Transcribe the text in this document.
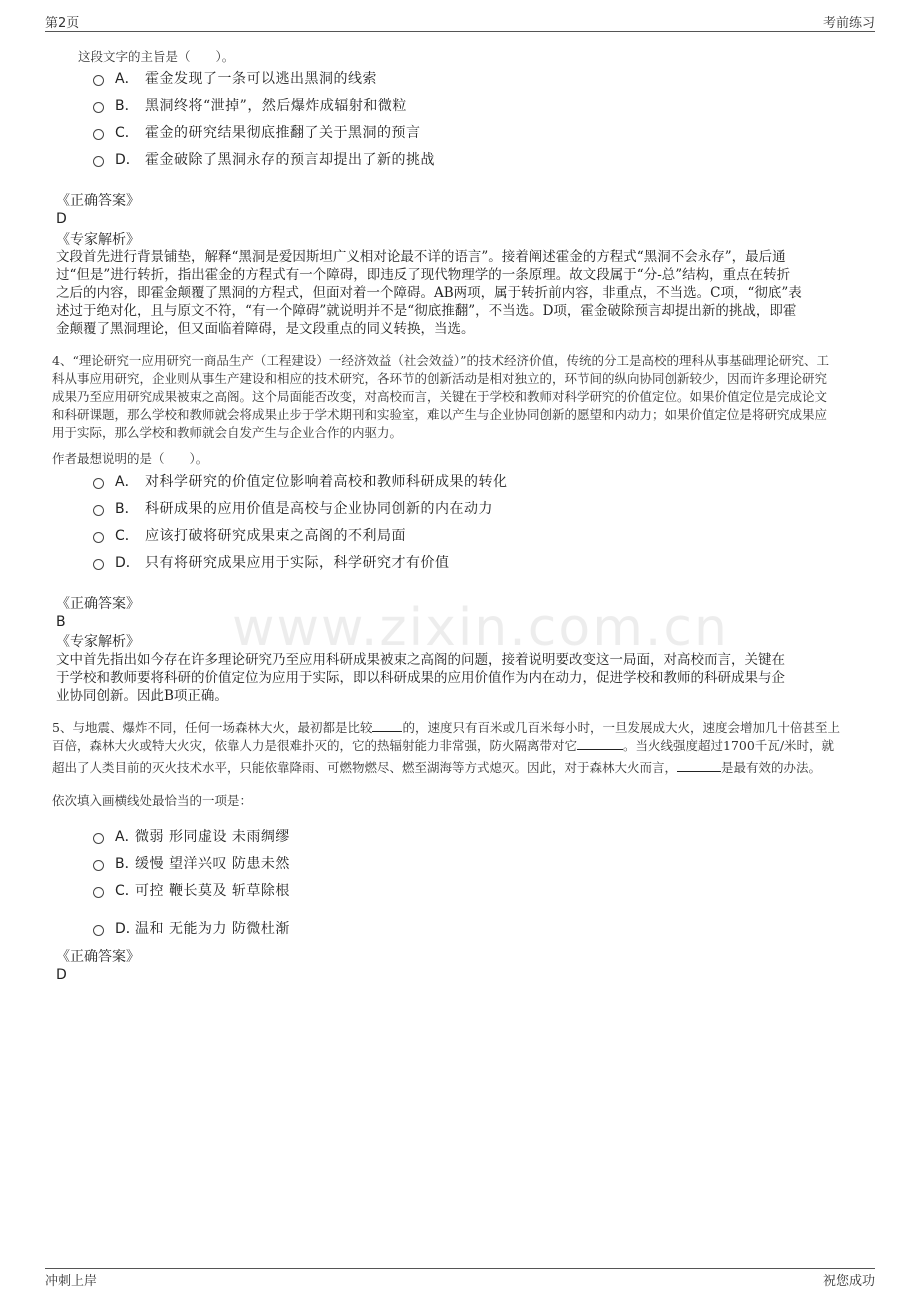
第2页	考前练习
www.zixin.com.cn
这段文字的主旨是（　　）。
A． 霍金发现了一条可以逃出黑洞的线索
B． 黑洞终将“泄掉”，然后爆炸成辐射和微粒
C． 霍金的研究结果彻底推翻了关于黑洞的预言
D． 霍金破除了黑洞永存的预言却提出了新的挑战
《正确答案》
D
《专家解析》
文段首先进行背景铺垫，解释“黑洞是爱因斯坦广义相对论最不详的语言”。接着阐述霍金的方程式“黑洞不会永存”，最后通
过“但是”进行转折，指出霍金的方程式有一个障碍，即违反了现代物理学的一条原理。故文段属于“分-总”结构，重点在转折
之后的内容，即霍金颠覆了黑洞的方程式，但面对着一个障碍。AB两项，属于转折前内容，非重点，不当选。C项，“彻底”表
述过于绝对化，且与原文不符，“有一个障碍”就说明并不是“彻底推翻”，不当选。D项，霍金破除预言却提出新的挑战，即霍
金颠覆了黑洞理论，但又面临着障碍，是文段重点的同义转换，当选。
4、“理论研究一应用研究一商品生产（工程建设）一经济效益（社会效益）”的技术经济价值，传统的分工是高校的理科从事基础理论研究、工
科从事应用研究，企业则从事生产建设和相应的技术研究，各环节的创新活动是相对独立的，环节间的纵向协同创新较少，因而许多理论研究
成果乃至应用研究成果被束之高阁。这个局面能否改变，对高校而言，关键在于学校和教师对科学研究的价值定位。如果价值定位是完成论文
和科研课题，那么学校和教师就会将成果止步于学术期刊和实验室，难以产生与企业协同创新的愿望和内动力；如果价值定位是将研究成果应
用于实际，那么学校和教师就会自发产生与企业合作的内驱力。
作者最想说明的是（　　）。
A． 对科学研究的价值定位影响着高校和教师科研成果的转化
B． 科研成果的应用价值是高校与企业协同创新的内在动力
C． 应该打破将研究成果束之高阁的不利局面
D． 只有将研究成果应用于实际，科学研究才有价值
《正确答案》
B
《专家解析》
文中首先指出如今存在许多理论研究乃至应用科研成果被束之高阁的问题，接着说明要改变这一局面，对高校而言，关键在
于学校和教师要将科研的价值定位为应用于实际，即以科研成果的应用价值作为内在动力，促进学校和教师的科研成果与企
业协同创新。因此B项正确。
5、与地震、爆炸不同，任何一场森林大火，最初都是比较 的，速度只有百米或几百米每小时，一旦发展成大火，速度会增加几十倍甚至上
百倍，森林大火或特大火灾，依靠人力是很难扑灭的，它的热辐射能力非常强，防火隔离带对它	。当火线强度超过1700千瓦/米时，就
超出了人类目前的灭火技术水平，只能依靠降雨、可燃物燃尽、燃至湖海等方式熄灭。因此，对于森林大火而言，	是最有效的办法。
依次填入画横线处最恰当的一项是：
A．
微弱 形同虚设 未雨绸缪
B．
缓慢 望洋兴叹 防患未然
C．
可控 鞭长莫及 斩草除根
D．
温和 无能为力 防微杜渐
《正确答案》
D
冲刺上岸	祝您成功
